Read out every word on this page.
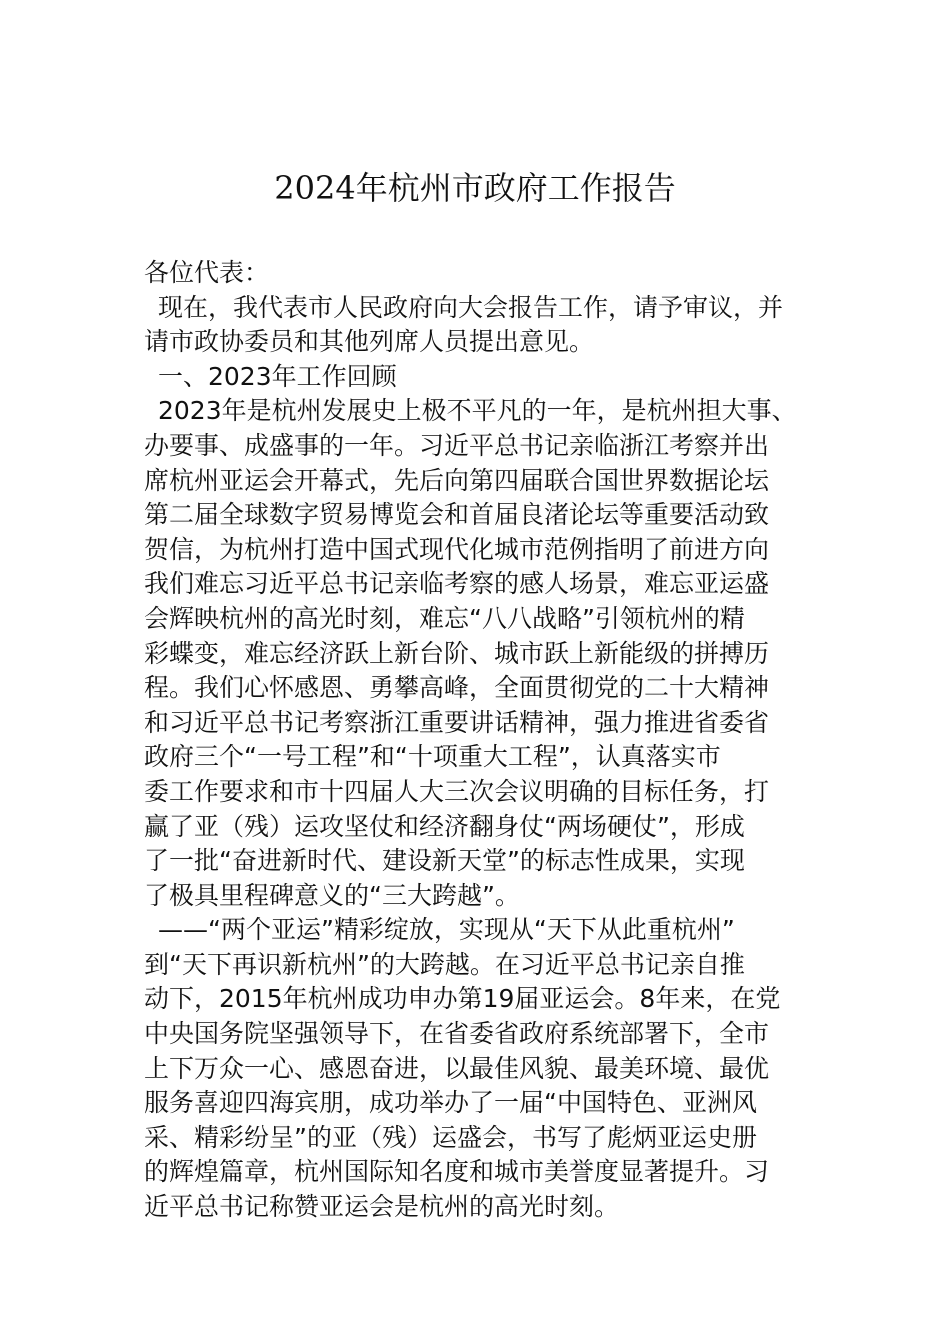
2024年杭州市政府工作报告
各位代表：
现在，我代表市人民政府向大会报告工作，请予审议，并
请市政协委员和其他列席人员提出意见。
一、2023年工作回顾
2023年是杭州发展史上极不平凡的一年，是杭州担大事、
办要事、成盛事的一年。习近平总书记亲临浙江考察并出
席杭州亚运会开幕式，先后向第四届联合国世界数据论坛
第二届全球数字贸易博览会和首届良渚论坛等重要活动致
贺信，为杭州打造中国式现代化城市范例指明了前进方向
我们难忘习近平总书记亲临考察的感人场景，难忘亚运盛
会辉映杭州的高光时刻，难忘“八八战略”引领杭州的精
彩蝶变，难忘经济跃上新台阶、城市跃上新能级的拼搏历
程。我们心怀感恩、勇攀高峰，全面贯彻党的二十大精神
和习近平总书记考察浙江重要讲话精神，强力推进省委省
政府三个“一号工程”和“十项重大工程”，认真落实市
委工作要求和市十四届人大三次会议明确的目标任务，打
赢了亚（残）运攻坚仗和经济翻身仗“两场硬仗”，形成
了一批“奋进新时代、建设新天堂”的标志性成果，实现
了极具里程碑意义的“三大跨越”。
——“两个亚运”精彩绽放，实现从“天下从此重杭州”
到“天下再识新杭州”的大跨越。在习近平总书记亲自推
动下，2015年杭州成功申办第19届亚运会。8年来，在党
中央国务院坚强领导下，在省委省政府系统部署下，全市
上下万众一心、感恩奋进，以最佳风貌、最美环境、最优
服务喜迎四海宾朋，成功举办了一届“中国特色、亚洲风
采、精彩纷呈”的亚（残）运盛会，书写了彪炳亚运史册
的辉煌篇章，杭州国际知名度和城市美誉度显著提升。习
近平总书记称赞亚运会是杭州的高光时刻。
